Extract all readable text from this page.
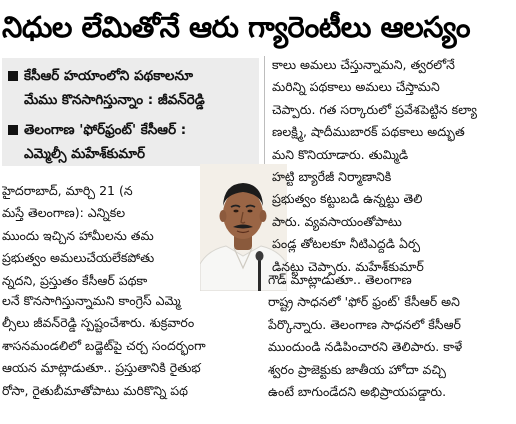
నిధుల లేమితోనే ఆరు గ్యారెంటీలు ఆలస్యం
కేసీఆర్ హయాంలోని పథకాలనూ
మేము కొనసాగిస్తున్నాం : జీవన్‌రెడ్డి
తెలంగాణ 'ఫోర్‌ఫ్రంట్' కేసీఆర్ :
ఎమ్మెల్సీ మహేశ్‌కుమార్
హైదరాబాద్, మార్చి 21 (న
మస్తే తెలంగాణ): ఎన్నికల
ముందు ఇచ్చిన హామీలను తమ
ప్రభుత్వం అమలుచేయలేకపోతు
న్నదని, ప్రస్తుతం కేసీఆర్ పథకా
లనే కొనసాగిస్తున్నామని కాంగ్రెస్ ఎమ్మె
ల్సీలు జీవన్‌రెడ్డి స్పష్టంచేశారు. శుక్రవారం
శాసనమండలిలో బడ్జెట్‌పై చర్చ సందర్భంగా
ఆయన మాట్లాడుతూ.. ప్రస్తుతానికి రైతుభ
రోసా, రైతుబీమాతోపాటు మరికొన్ని పథ
కాలు అమలు చేస్తున్నామని, త్వరలోనే
మరిన్ని పథకాలు అమలు చేస్తామని
చెప్పారు. గత సర్కారులో ప్రవేశపెట్టిన కల్యా
ణలక్ష్మి, షాదీముబారక్ పథకాలు అద్భుత
మని కొనియాడారు. తుమ్మిడి
హట్టి బ్యారేజీ నిర్మాణానికి
ప్రభుత్వం కట్టుబడి ఉన్నట్టు తెలి
పారు. వ్యవసాయంతోపాటు
పండ్ల తోటలకూ నీటిఎద్దడి ఏర్ప
డినట్టు చెప్పారు. మహేశ్‌కుమార్
గౌడ్ మాట్లాడుతూ.. తెలంగాణ
రాష్ట్ర సాధనలో 'ఫోర్ ఫ్రంట్' కేసీఆర్ అని
పేర్కొన్నారు. తెలంగాణ సాధనలో కేసీఆర్
ముందుండి నడిపించారని తెలిపారు. కాళే
శ్వరం ప్రాజెక్టుకు జాతీయ హోదా వచ్చి
ఉంటే బాగుండేదని అభిప్రాయపడ్డారు.
